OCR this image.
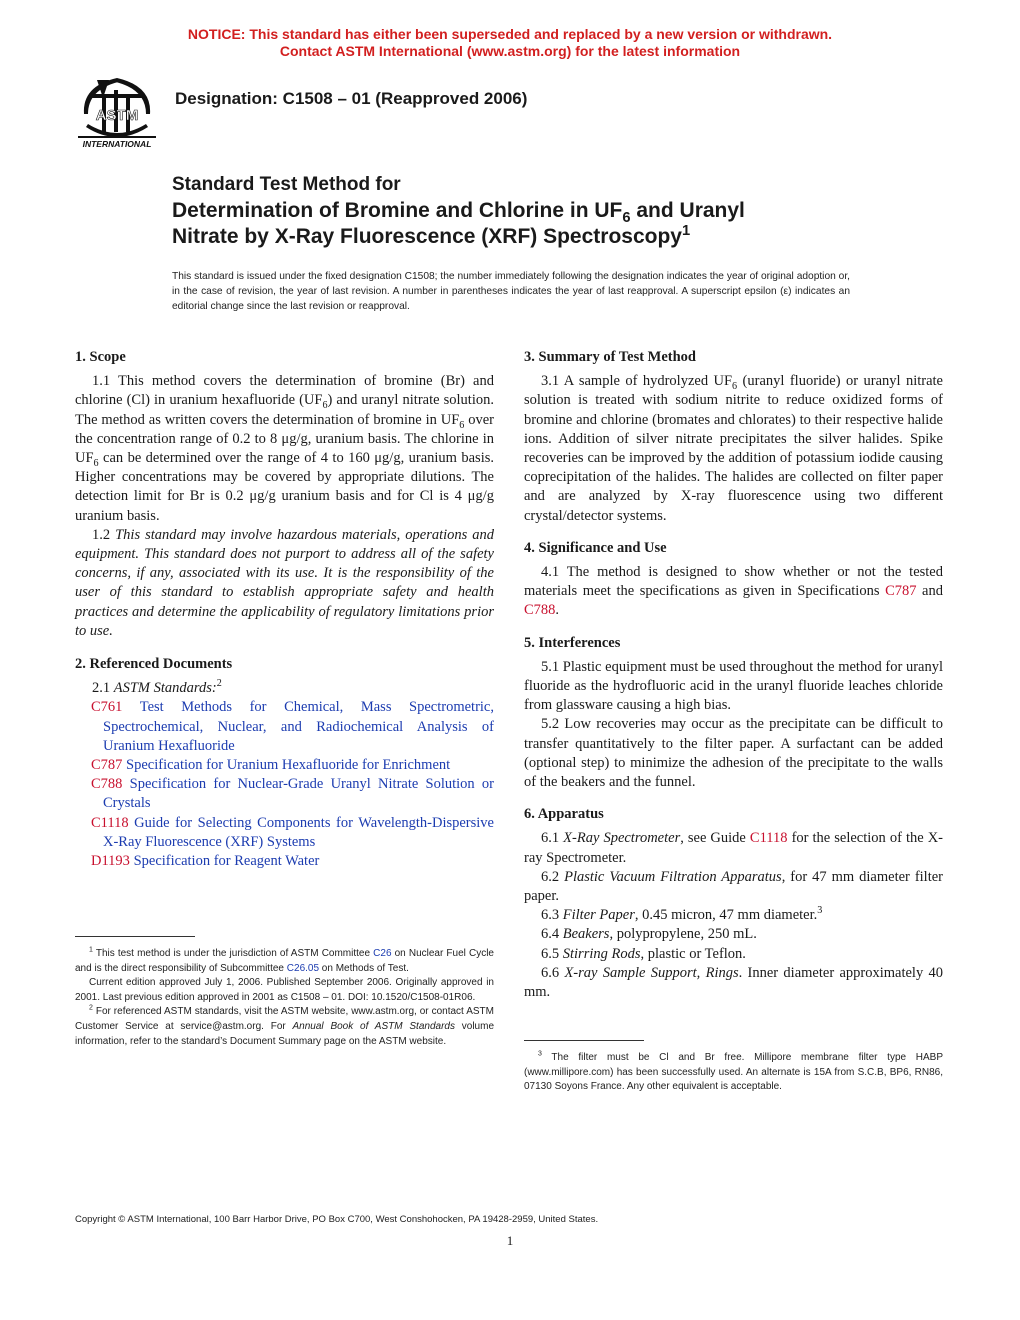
NOTICE: This standard has either been superseded and replaced by a new version or withdrawn.
Contact ASTM International (www.astm.org) for the latest information
ASTM
INTERNATIONAL
Designation: C1508 – 01 (Reapproved 2006)
Standard Test Method for
Determination of Bromine and Chlorine in $UF_6$ and Uranyl
Nitrate by X-Ray Fluorescence (XRF) Spectroscopy$^1$
This standard is issued under the fixed designation C1508; the number immediately following the designation indicates the year of original adoption or, in the case of revision, the year of last revision. A number in parentheses indicates the year of last reapproval. A superscript epsilon (ε) indicates an editorial change since the last revision or reapproval.

1. Scope

1.1 This method covers the determination of bromine (Br) and chlorine (Cl) in uranium hexafluoride $(UF_6)$ and uranyl nitrate solution. The method as written covers the determination of bromine in $UF_6$ over the concentration range of 0.2 to 8 μg/g, uranium basis. The chlorine in $UF_6$ can be determined over the range of 4 to 160 μg/g, uranium basis. Higher concentrations may be covered by appropriate dilutions. The detection limit for Br is 0.2 μg/g uranium basis and for Cl is 4 μg/g uranium basis.

1.2 This standard may involve hazardous materials, operations and equipment. This standard does not purport to address all of the safety concerns, if any, associated with its use. It is the responsibility of the user of this standard to establish appropriate safety and health practices and determine the applicability of regulatory limitations prior to use.

2. Referenced Documents

2.1 ASTM Standards:$^2$

C761 Test Methods for Chemical, Mass Spectrometric, Spectrochemical, Nuclear, and Radiochemical Analysis of Uranium Hexafluoride

C787 Specification for Uranium Hexafluoride for Enrichment

C788 Specification for Nuclear-Grade Uranyl Nitrate Solution or Crystals

C1118 Guide for Selecting Components for Wavelength-Dispersive X-Ray Fluorescence (XRF) Systems

D1193 Specification for Reagent Water

$^1$ This test method is under the jurisdiction of ASTM Committee C26 on Nuclear Fuel Cycle and is the direct responsibility of Subcommittee C26.05 on Methods of Test.

Current edition approved July 1, 2006. Published September 2006. Originally approved in 2001. Last previous edition approved in 2001 as C1508 – 01. DOI: 10.1520/C1508-01R06.

$^2$ For referenced ASTM standards, visit the ASTM website, www.astm.org, or contact ASTM Customer Service at service@astm.org. For Annual Book of ASTM Standards volume information, refer to the standard’s Document Summary page on the ASTM website.

3. Summary of Test Method

3.1 A sample of hydrolyzed $UF_6$ (uranyl fluoride) or uranyl nitrate solution is treated with sodium nitrite to reduce oxidized forms of bromine and chlorine (bromates and chlorates) to their respective halide ions. Addition of silver nitrate precipitates the silver halides. Spike recoveries can be improved by the addition of potassium iodide causing coprecipitation of the halides. The halides are collected on filter paper and are analyzed by X-ray fluorescence using two different crystal/detector systems.

4. Significance and Use

4.1 The method is designed to show whether or not the tested materials meet the specifications as given in Specifications C787 and C788.

5. Interferences

5.1 Plastic equipment must be used throughout the method for uranyl fluoride as the hydrofluoric acid in the uranyl fluoride leaches chloride from glassware causing a high bias.

5.2 Low recoveries may occur as the precipitate can be difficult to transfer quantitatively to the filter paper. A surfactant can be added (optional step) to minimize the adhesion of the precipitate to the walls of the beakers and the funnel.

6. Apparatus

6.1 X-Ray Spectrometer, see Guide C1118 for the selection of the X-ray Spectrometer.

6.2 Plastic Vacuum Filtration Apparatus, for 47 mm diameter filter paper.

6.3 Filter Paper, 0.45 micron, 47 mm diameter.$^3$

6.4 Beakers, polypropylene, 250 mL.

6.5 Stirring Rods, plastic or Teflon.

6.6 X-ray Sample Support, Rings. Inner diameter approximately 40 mm.

$^3$ The filter must be Cl and Br free. Millipore membrane filter type HABP (www.millipore.com) has been successfully used. An alternate is 15A from S.C.B, BP6, RN86, 07130 Soyons France. Any other equivalent is acceptable.

Copyright © ASTM International, 100 Barr Harbor Drive, PO Box C700, West Conshohocken, PA 19428-2959, United States.
1
